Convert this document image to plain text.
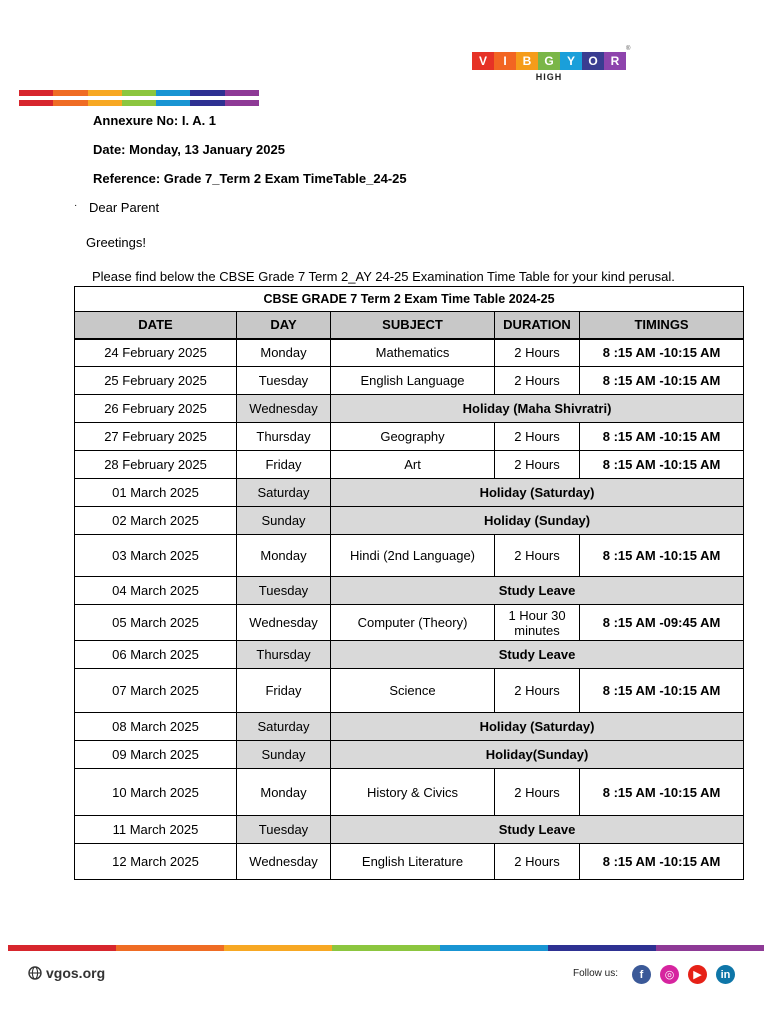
V	I	B	G	Y	O	R
®
HIGH
Annexure No: I. A. 1
Date: Monday, 13 January 2025
Reference: Grade 7_Term 2 Exam TimeTable_24-25
· Dear Parent
Greetings!
Please find below the CBSE Grade 7 Term 2_AY 24-25 Examination Time Table for your kind perusal.
CBSE GRADE 7 Term 2 Exam Time Table 2024-25				
DATE	DAY	SUBJECT	DURATION	TIMINGS
24 February 2025	Monday	Mathematics	2 Hours	8 :15 AM -10:15 AM
25 February 2025	Tuesday	English Language	2 Hours	8 :15 AM -10:15 AM
26 February 2025	Wednesday	Holiday (Maha Shivratri)		
27 February 2025	Thursday	Geography	2 Hours	8 :15 AM -10:15 AM
28 February 2025	Friday	Art	2 Hours	8 :15 AM -10:15 AM
01 March 2025	Saturday	Holiday (Saturday)		
02 March 2025	Sunday	Holiday (Sunday)		
03 March 2025	Monday	Hindi (2nd Language)	2 Hours	8 :15 AM -10:15 AM
04 March 2025	Tuesday	Study Leave		
05 March 2025	Wednesday	Computer (Theory)	1 Hour 30 minutes	8 :15 AM -09:45 AM
06 March 2025	Thursday	Study Leave		
07 March 2025	Friday	Science	2 Hours	8 :15 AM -10:15 AM
08 March 2025	Saturday	Holiday (Saturday)		
09 March 2025	Sunday	Holiday(Sunday)		
10 March 2025	Monday	History & Civics	2 Hours	8 :15 AM -10:15 AM
11 March 2025	Tuesday	Study Leave		
12 March 2025	Wednesday	English Literature	2 Hours	8 :15 AM -10:15 AM
vgos.org	Follow us:	f	◎	▶	in
